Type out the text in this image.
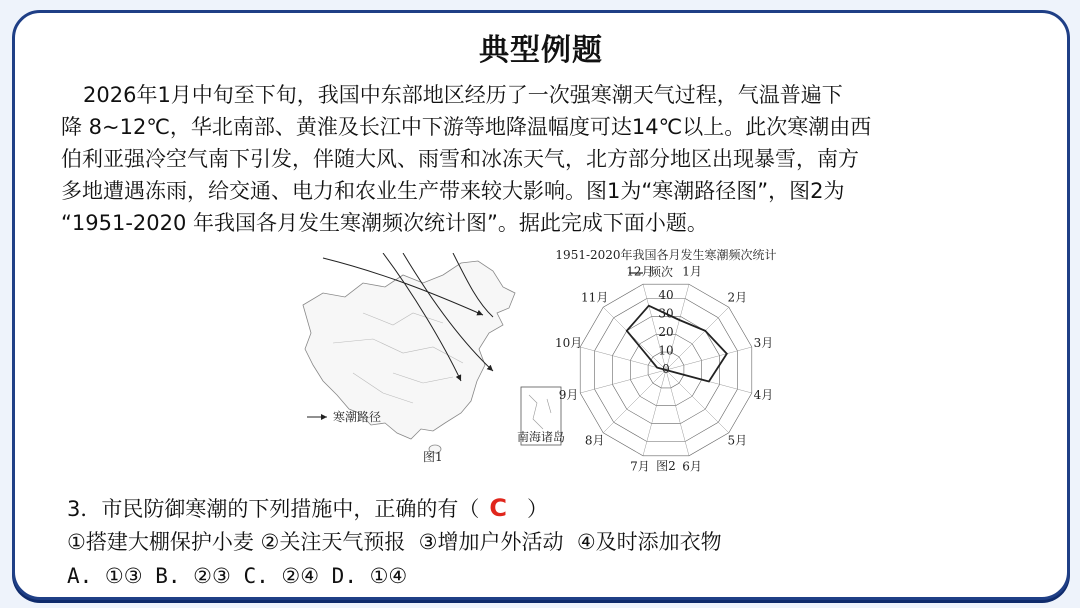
典型例题
2026年1月中旬至下旬，我国中东部地区经历了一次强寒潮天气过程，气温普遍下
降 8~12℃，华北南部、黄淮及长江中下游等地降温幅度可达14℃以上。此次寒潮由西
伯利亚强冷空气南下引发，伴随大风、雨雪和冰冻天气，北方部分地区出现暴雪，南方
多地遭遇冻雨，给交通、电力和农业生产带来较大影响。图1为“寒潮路径图”，图2为
“1951-2020 年我国各月发生寒潮频次统计图”。据此完成下面小题。
南海诸岛
寒潮路径
图1
1951-2020年我国各月发生寒潮频次统计
频次 1月
2月
3月
4月
5月
6月
7月
8月
9月
10月
11月
12月
0
10
20
30
40
图2
3．市民防御寒潮的下列措施中，正确的有（ C ）
①搭建大棚保护小麦 ②关注天气预报  ③增加户外活动  ④及时添加衣物
A. ①③ B. ②③ C. ②④ D. ①④
